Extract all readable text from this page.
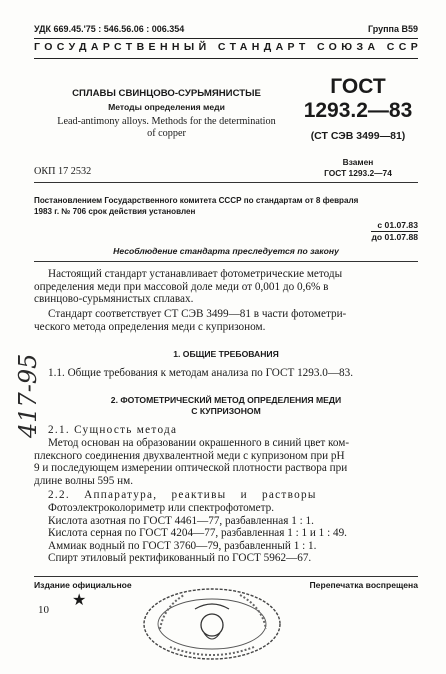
УДК 669.45.'75 : 546.56.06 : 006.354	Группа В59
ГОСУДАРСТВЕННЫЙ СТАНДАРТ СОЮЗА ССР
СПЛАВЫ СВИНЦОВО-СУРЬМЯНИСТЫЕ
Методы определения меди
Lead-antimony alloys. Methods for the determination
of copper
ОКП 17 2532
ГОСТ
1293.2—83
(СТ СЭВ 3499—81)
Взамен
ГОСТ 1293.2—74
Постановлением Государственного комитета СССР по стандартам от 8 февраля
1983 г. № 706 срок действия установлен
с 01.07.83
до 01.07.88
Несоблюдение стандарта преследуется по закону
Настоящий стандарт устанавливает фотометрические методы
определения меди при массовой доле меди от 0,001 до 0,6% в
свинцово-сурьмянистых сплавах.
Стандарт соответствует СТ СЭВ 3499—81 в части фотометри-
ческого метода определения меди с купризоном.
1. ОБЩИЕ ТРЕБОВАНИЯ
1.1. Общие требования к методам анализа по ГОСТ 1293.0—83.
2. ФОТОМЕТРИЧЕСКИЙ МЕТОД ОПРЕДЕЛЕНИЯ МЕДИ
С КУПРИЗОНОМ
2.1. Сущность метода
Метод основан на образовании окрашенного в синий цвет ком-
плексного соединения двухвалентной меди с купризоном при рН
9 и последующем измерении оптической плотности раствора при
длине волны 595 нм.
2.2. Аппаратура, реактивы и растворы
Фотоэлектроколориметр или спектрофотометр.
Кислота азотная по ГОСТ 4461—77, разбавленная 1 : 1.
Кислота серная по ГОСТ 4204—77, разбавленная 1 : 1 и 1 : 49.
Аммиак водный по ГОСТ 3760—79, разбавленный 1 : 1.
Спирт этиловый ректификованный по ГОСТ 5962—67.
Издание официальное	Перепечатка воспрещена
★
10
417-95
